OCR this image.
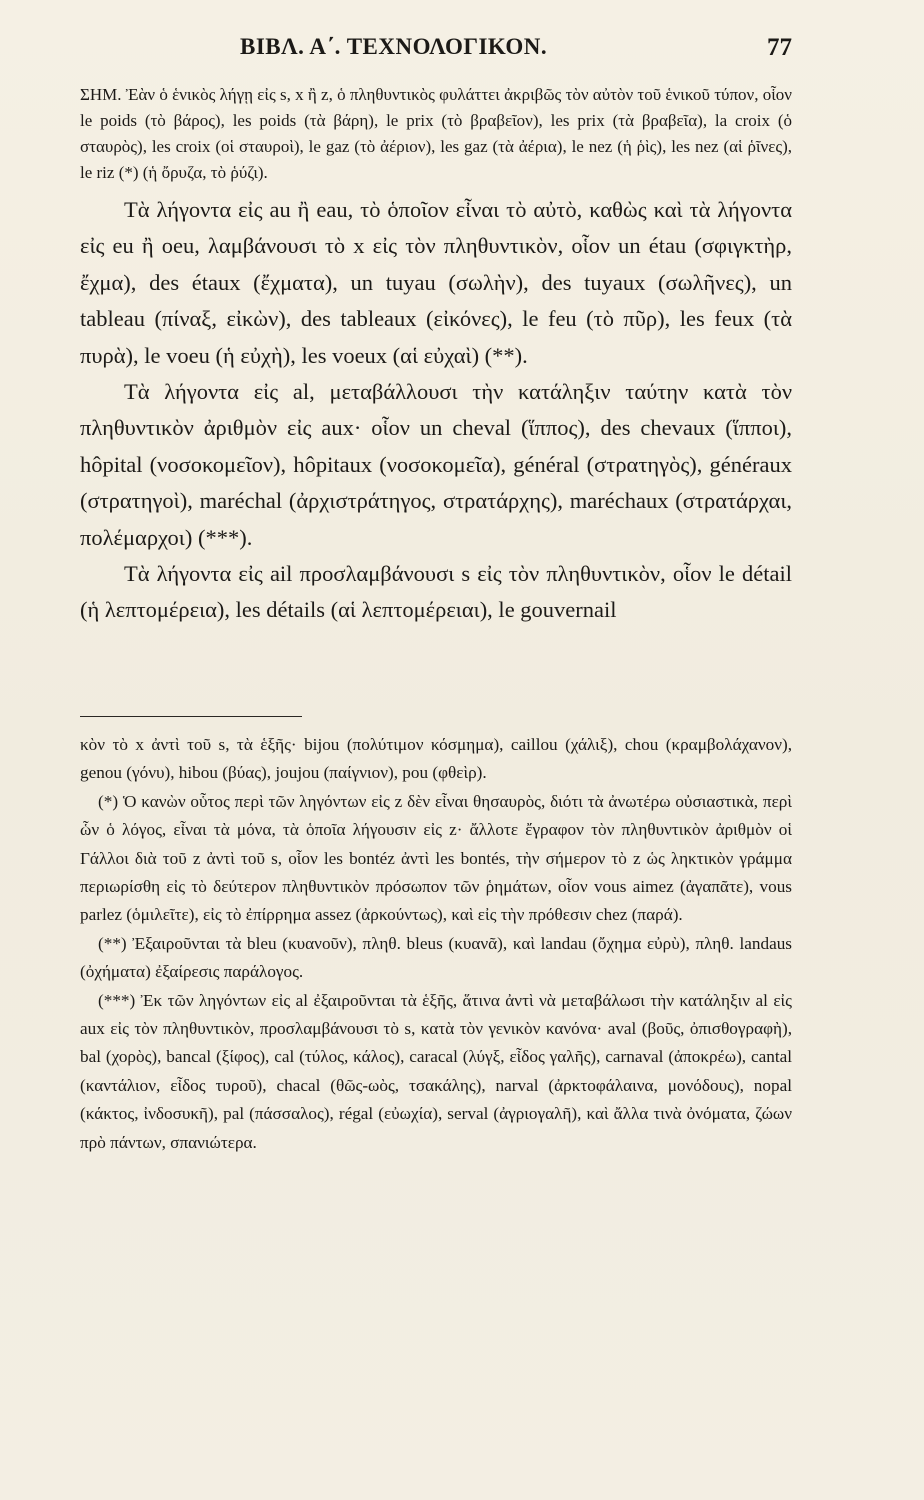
ΒΙΒΛ. Α΄. ΤΕΧΝΟΛΟΓΙΚΟΝ.	77

ΣΗΜ. Ἐὰν ὁ ἑνικὸς λήγῃ εἰς s, x ἢ z, ὁ πληθυντικὸς φυλάττει ἀκριβῶς τὸν αὐτὸν τοῦ ἑνικοῦ τύπον, οἷον le poids (τὸ βάρος), les poids (τὰ βάρη), le prix (τὸ βραβεῖον), les prix (τὰ βραβεῖα), la croix (ὁ σταυρὸς), les croix (οἱ σταυροὶ), le gaz (τὸ ἀέριον), les gaz (τὰ ἀέρια), le nez (ἡ ῥὶς), les nez (αἱ ῥῖνες), le riz (*) (ἡ ὄρυζα, τὸ ῥύζι).

Τὰ λήγοντα εἰς au ἢ eau, τὸ ὁποῖον εἶναι τὸ αὐτὸ, καθὼς καὶ τὰ λήγοντα εἰς eu ἢ oeu, λαμβάνουσι τὸ x εἰς τὸν πληθυντικὸν, οἷον un étau (σφιγκτὴρ, ἔχμα), des étaux (ἔχματα), un tuyau (σωλὴν), des tuyaux (σωλῆνες), un tableau (πίναξ, εἰκὼν), des tableaux (εἰκόνες), le feu (τὸ πῦρ), les feux (τὰ πυρὰ), le voeu (ἡ εὐχὴ), les voeux (αἱ εὐχαὶ) (**).

Τὰ λήγοντα εἰς al, μεταβάλλουσι τὴν κατάληξιν ταύτην κατὰ τὸν πληθυντικὸν ἀριθμὸν εἰς aux· οἷον un cheval (ἵππος), des chevaux (ἵπποι), hôpital (νοσοκομεῖον), hôpitaux (νοσοκομεῖα), général (στρατηγὸς), généraux (στρατηγοὶ), maréchal (ἀρχιστράτηγος, στρατάρχης), maréchaux (στρατάρχαι, πολέμαρχοι) (***).

Τὰ λήγοντα εἰς ail προσλαμβάνουσι s εἰς τὸν πληθυντικὸν, οἷον le détail (ἡ λεπτομέρεια), les détails (αἱ λεπτομέρειαι), le gouvernail

κὸν τὸ x ἀντὶ τοῦ s, τὰ ἑξῆς· bijou (πολύτιμον κόσμημα), caillou (χάλιξ), chou (κραμβολάχανον), genou (γόνυ), hibou (βύας), joujou (παίγνιον), pou (φθεὶρ).

(*) Ὁ κανὼν οὗτος περὶ τῶν ληγόντων εἰς z δὲν εἶναι θησαυρὸς, διότι τὰ ἀνωτέρω οὐσιαστικὰ, περὶ ὧν ὁ λόγος, εἶναι τὰ μόνα, τὰ ὁποῖα λήγουσιν εἰς z· ἄλλοτε ἔγραφον τὸν πληθυντικὸν ἀριθμὸν οἱ Γάλλοι διὰ τοῦ z ἀντὶ τοῦ s, οἷον les bontéz ἀντὶ les bontés, τὴν σήμερον τὸ z ὡς ληκτικὸν γράμμα περιωρίσθη εἰς τὸ δεύτερον πληθυντικὸν πρόσωπον τῶν ῥημάτων, οἷον vous aimez (ἀγαπᾶτε), vous parlez (ὁμιλεῖτε), εἰς τὸ ἐπίρρημα assez (ἀρκούντως), καὶ εἰς τὴν πρόθεσιν chez (παρά).

(**) Ἐξαιροῦνται τὰ bleu (κυανοῦν), πληθ. bleus (κυανᾶ), καὶ landau (ὄχημα εὐρὺ), πληθ. landaus (ὀχήματα) ἐξαίρεσις παράλογος.

(***) Ἐκ τῶν ληγόντων εἰς al ἐξαιροῦνται τὰ ἑξῆς, ἅτινα ἀντὶ νὰ μεταβάλωσι τὴν κατάληξιν al εἰς aux εἰς τὸν πληθυντικὸν, προσλαμβάνουσι τὸ s, κατὰ τὸν γενικὸν κανόνα· aval (βοῦς, ὀπισθογραφὴ), bal (χορὸς), bancal (ξίφος), cal (τύλος, κάλος), caracal (λύγξ, εἶδος γαλῆς), carnaval (ἀποκρέω), cantal (καντάλιον, εἶδος τυροῦ), chacal (θῶς-ωὸς, τσακάλης), narval (ἀρκτοφάλαινα, μονόδους), nopal (κάκτος, ἰνδοσυκῆ), pal (πάσσαλος), régal (εὐωχία), serval (ἀγριογαλῆ), καὶ ἄλλα τινὰ ὀνόματα, ζώων πρὸ πάντων, σπανιώτερα.
